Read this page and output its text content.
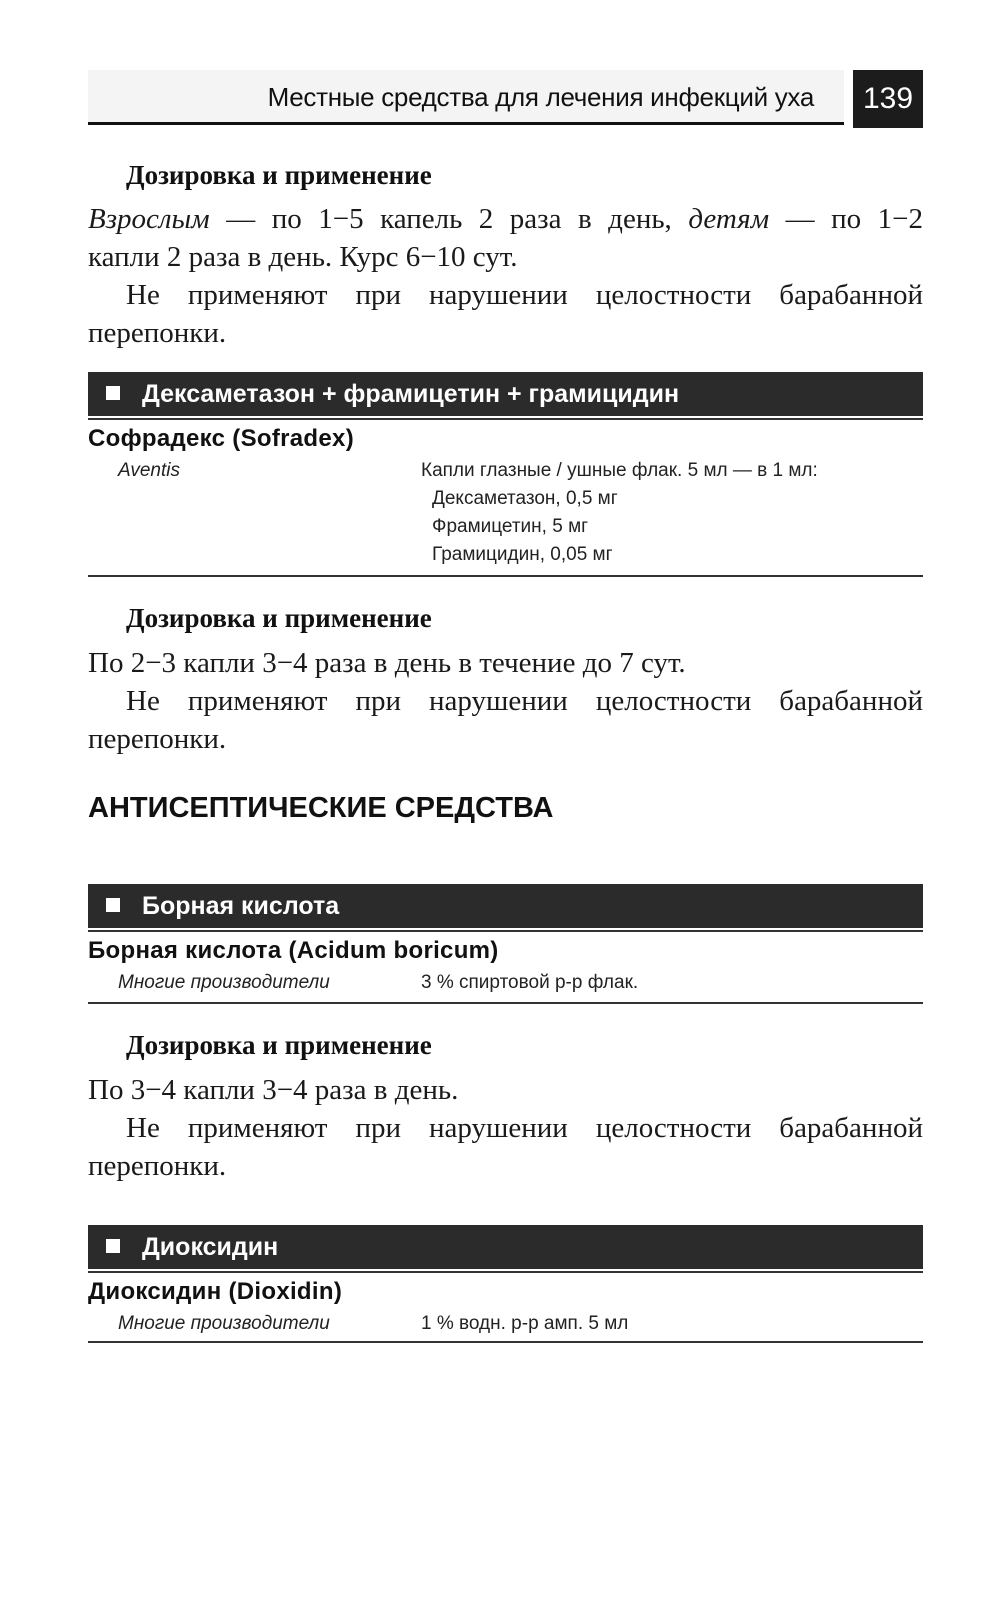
Местные средства для лечения инфекций уха	139
Дозировка и применение
Взрослым — по 1−5 капель 2 раза в день, детям — по 1−2
капли 2 раза в день. Курс 6−10 сут.
Не применяют при нарушении целостности барабанной
перепонки.
Дексаметазон + фрамицетин + грамицидин
Софрадекс (Sofradex)
Aventis	Капли глазные / ушные флак. 5 мл — в 1 мл:
Дексаметазон, 0,5 мг
Фрамицетин, 5 мг
Грамицидин, 0,05 мг
Дозировка и применение
По 2−3 капли 3−4 раза в день в течение до 7 сут.
Не применяют при нарушении целостности барабанной
перепонки.
АНТИСЕПТИЧЕСКИЕ СРЕДСТВА
Борная кислота
Борная кислота (Acidum boricum)
Многие производители	3 % спиртовой р-р флак.
Дозировка и применение
По 3−4 капли 3−4 раза в день.
Не применяют при нарушении целостности барабанной
перепонки.
Диоксидин
Диоксидин (Dioxidin)
Многие производители	1 % водн. р-р амп. 5 мл
